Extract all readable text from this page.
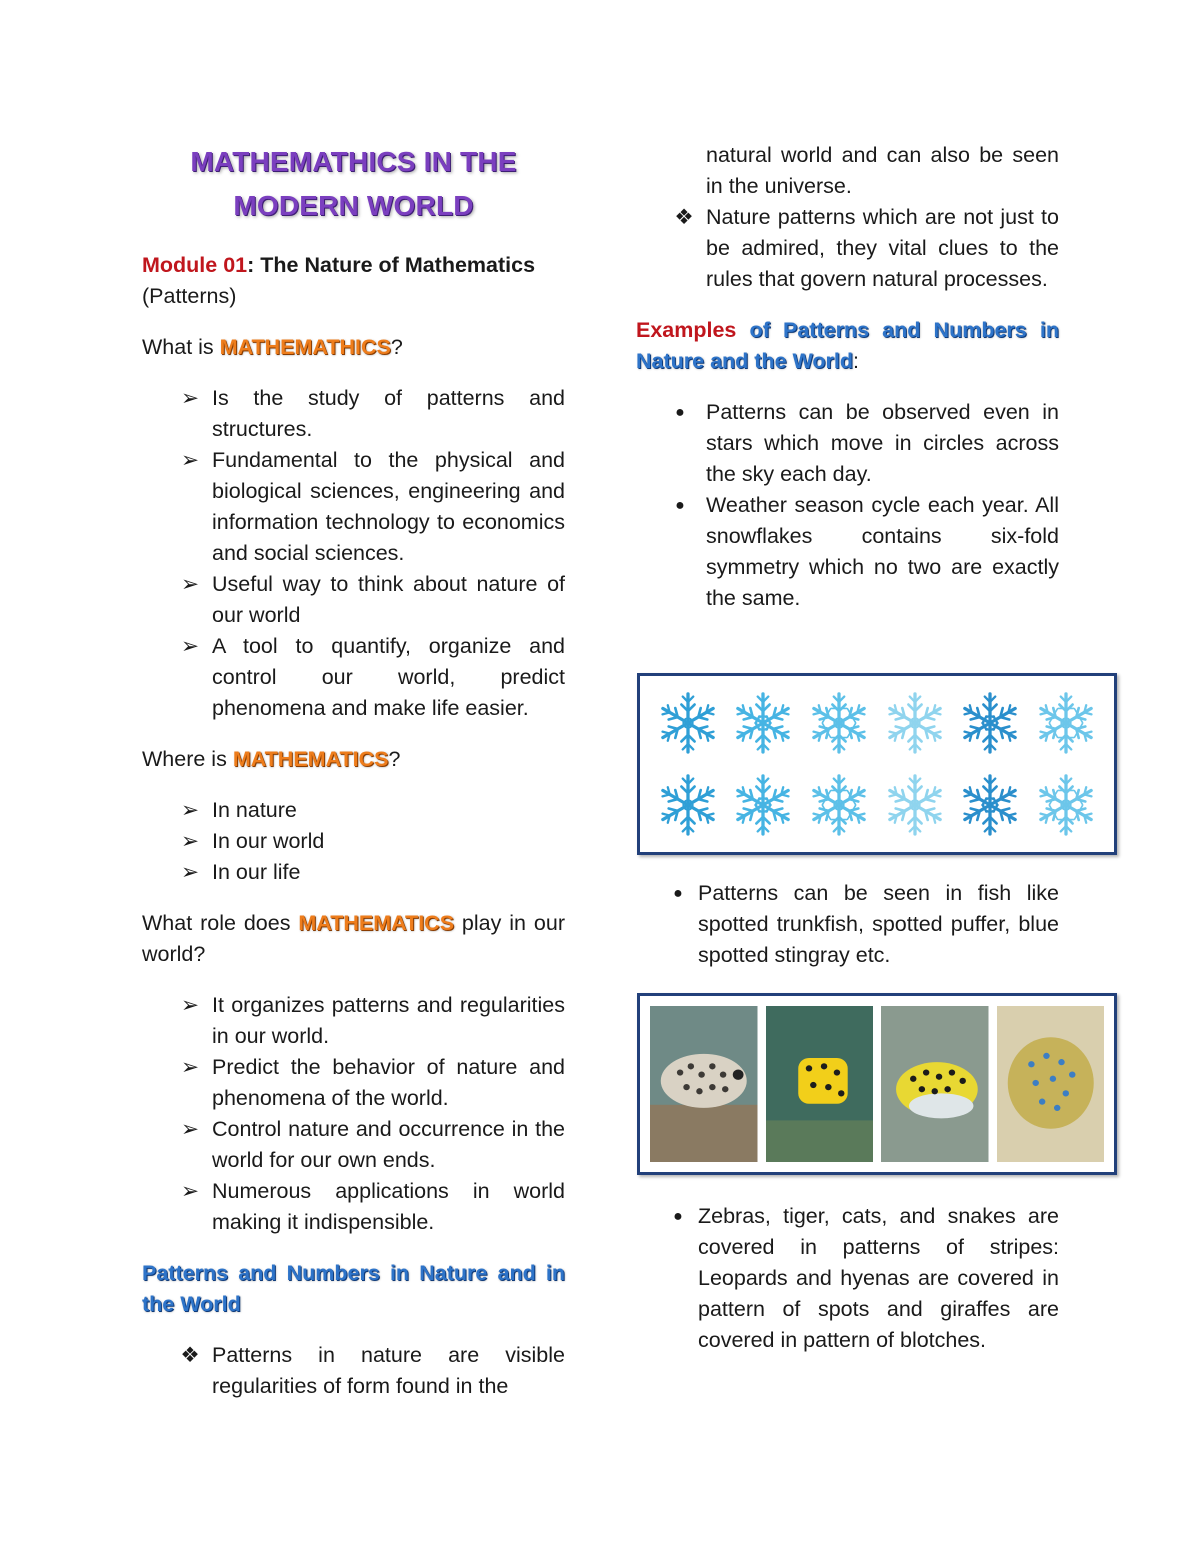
MATHEMATHICS IN THE
MODERN WORLD

Module 01: The Nature of Mathematics (Patterns)

What is MATHEMATHICS?

➢ Is the study of patterns and structures.
➢ Fundamental to the physical and biological sciences, engineering and information technology to economics and social sciences.
➢ Useful way to think about nature of our world
➢ A tool to quantify, organize and control our world, predict phenomena and make life easier.

Where is MATHEMATICS?

➢ In nature
➢ In our world
➢ In our life

What role does MATHEMATICS play in our world?

➢ It organizes patterns and regularities in our world.
➢ Predict the behavior of nature and phenomena of the world.
➢ Control nature and occurrence in the world for our own ends.
➢ Numerous applications in world making it indispensible.

Patterns and Numbers in Nature and in the World

❖ Patterns in nature are visible regularities of form found in the

natural world and can also be seen in the universe.

❖ Nature patterns which are not just to be admired, they vital clues to the rules that govern natural processes.

Examples of Patterns and Numbers in Nature and the World:

● Patterns can be observed even in stars which move in circles across the sky each day.
● Weather season cycle each year. All snowflakes contains six-fold symmetry which no two are exactly the same.
● Patterns can be seen in fish like spotted trunkfish, spotted puffer, blue spotted stingray etc.
● Zebras, tiger, cats, and snakes are covered in patterns of stripes: Leopards and hyenas are covered in pattern of spots and giraffes are covered in pattern of blotches.
